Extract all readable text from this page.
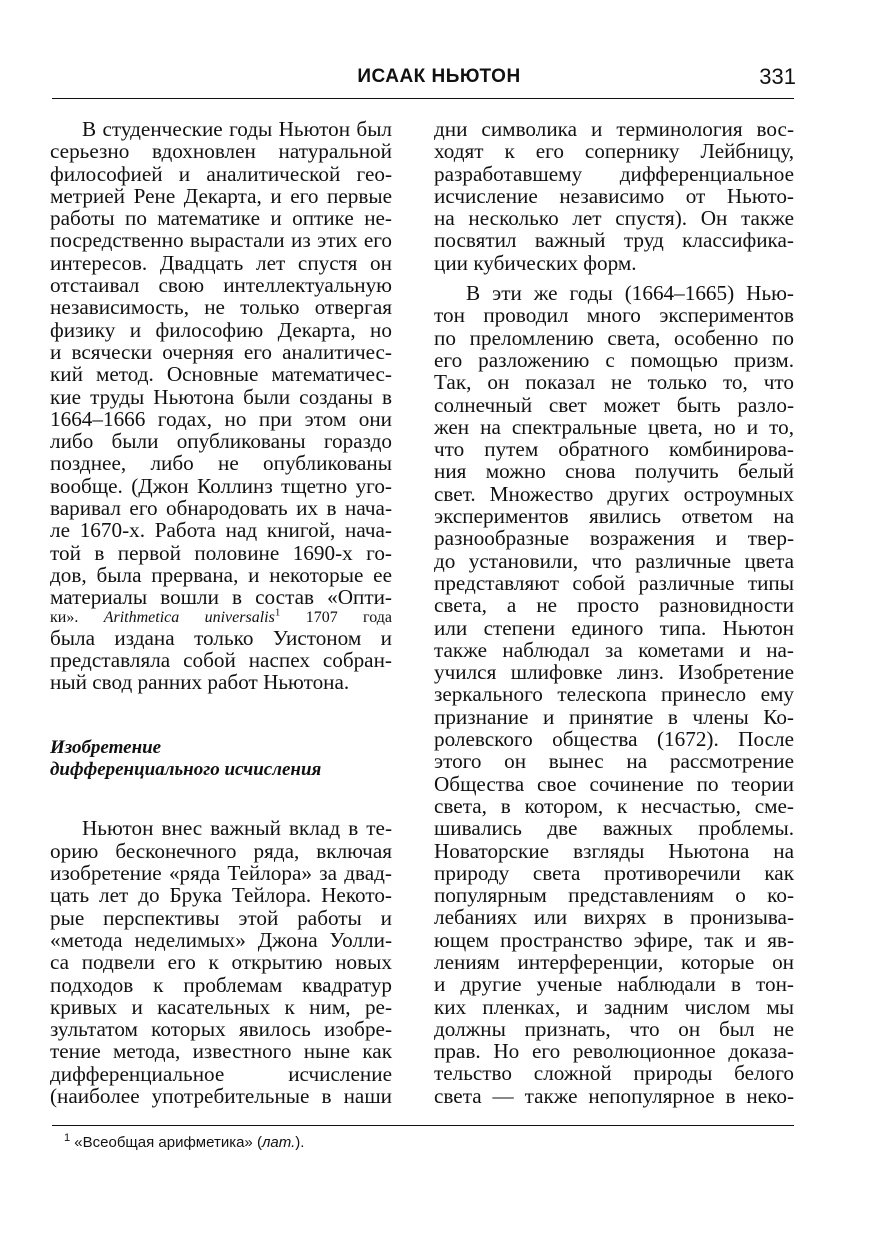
ИСААК НЬЮТОН	331
В студенческие годы Ньютон был
серьезно вдохновлен натуральной
философией и аналитической гео-
метрией Рене Декарта, и его первые
работы по математике и оптике не-
посредственно вырастали из этих его
интересов. Двадцать лет спустя он
отстаивал свою интеллектуальную
независимость, не только отвергая
физику и философию Декарта, но
и всячески очерняя его аналитичес-
кий метод. Основные математичес-
кие труды Ньютона были созданы в
1664–1666 годах, но при этом они
либо были опубликованы гораздо
позднее, либо не опубликованы
вообще. (Джон Коллинз тщетно уго-
варивал его обнародовать их в нача-
ле 1670-х. Работа над книгой, нача-
той в первой половине 1690-х го-
дов, была прервана, и некоторые ее
материалы вошли в состав «Опти-
ки». Arithmetica universalis$^1$ 1707 года
была издана только Уистоном и
представляла собой наспех собран-
ный свод ранних работ Ньютона.
Изобретение
дифференциального исчисления
Ньютон внес важный вклад в те-
орию бесконечного ряда, включая
изобретение «ряда Тейлора» за двад-
цать лет до Брука Тейлора. Некото-
рые перспективы этой работы и
«метода неделимых» Джона Уолли-
са подвели его к открытию новых
подходов к проблемам квадратур
кривых и касательных к ним, ре-
зультатом которых явилось изобре-
тение метода, известного ныне как
дифференциальное исчисление
(наиболее употребительные в наши
дни символика и терминология вос-
ходят к его сопернику Лейбницу,
разработавшему дифференциальное
исчисление независимо от Ньюто-
на несколько лет спустя). Он также
посвятил важный труд классифика-
ции кубических форм.
В эти же годы (1664–1665) Нью-
тон проводил много экспериментов
по преломлению света, особенно по
его разложению с помощью призм.
Так, он показал не только то, что
солнечный свет может быть разло-
жен на спектральные цвета, но и то,
что путем обратного комбинирова-
ния можно снова получить белый
свет. Множество других остроумных
экспериментов явились ответом на
разнообразные возражения и твер-
до установили, что различные цвета
представляют собой различные типы
света, а не просто разновидности
или степени единого типа. Ньютон
также наблюдал за кометами и на-
учился шлифовке линз. Изобретение
зеркального телескопа принесло ему
признание и принятие в члены Ко-
ролевского общества (1672). После
этого он вынес на рассмотрение
Общества свое сочинение по теории
света, в котором, к несчастью, сме-
шивались две важных проблемы.
Новаторские взгляды Ньютона на
природу света противоречили как
популярным представлениям о ко-
лебаниях или вихрях в пронизыва-
ющем пространство эфире, так и яв-
лениям интерференции, которые он
и другие ученые наблюдали в тон-
ких пленках, и задним числом мы
должны признать, что он был не
прав. Но его революционное доказа-
тельство сложной природы белого
света — также непопулярное в неко-
$^1$ «Всеобщая арифметика» (лат.).
